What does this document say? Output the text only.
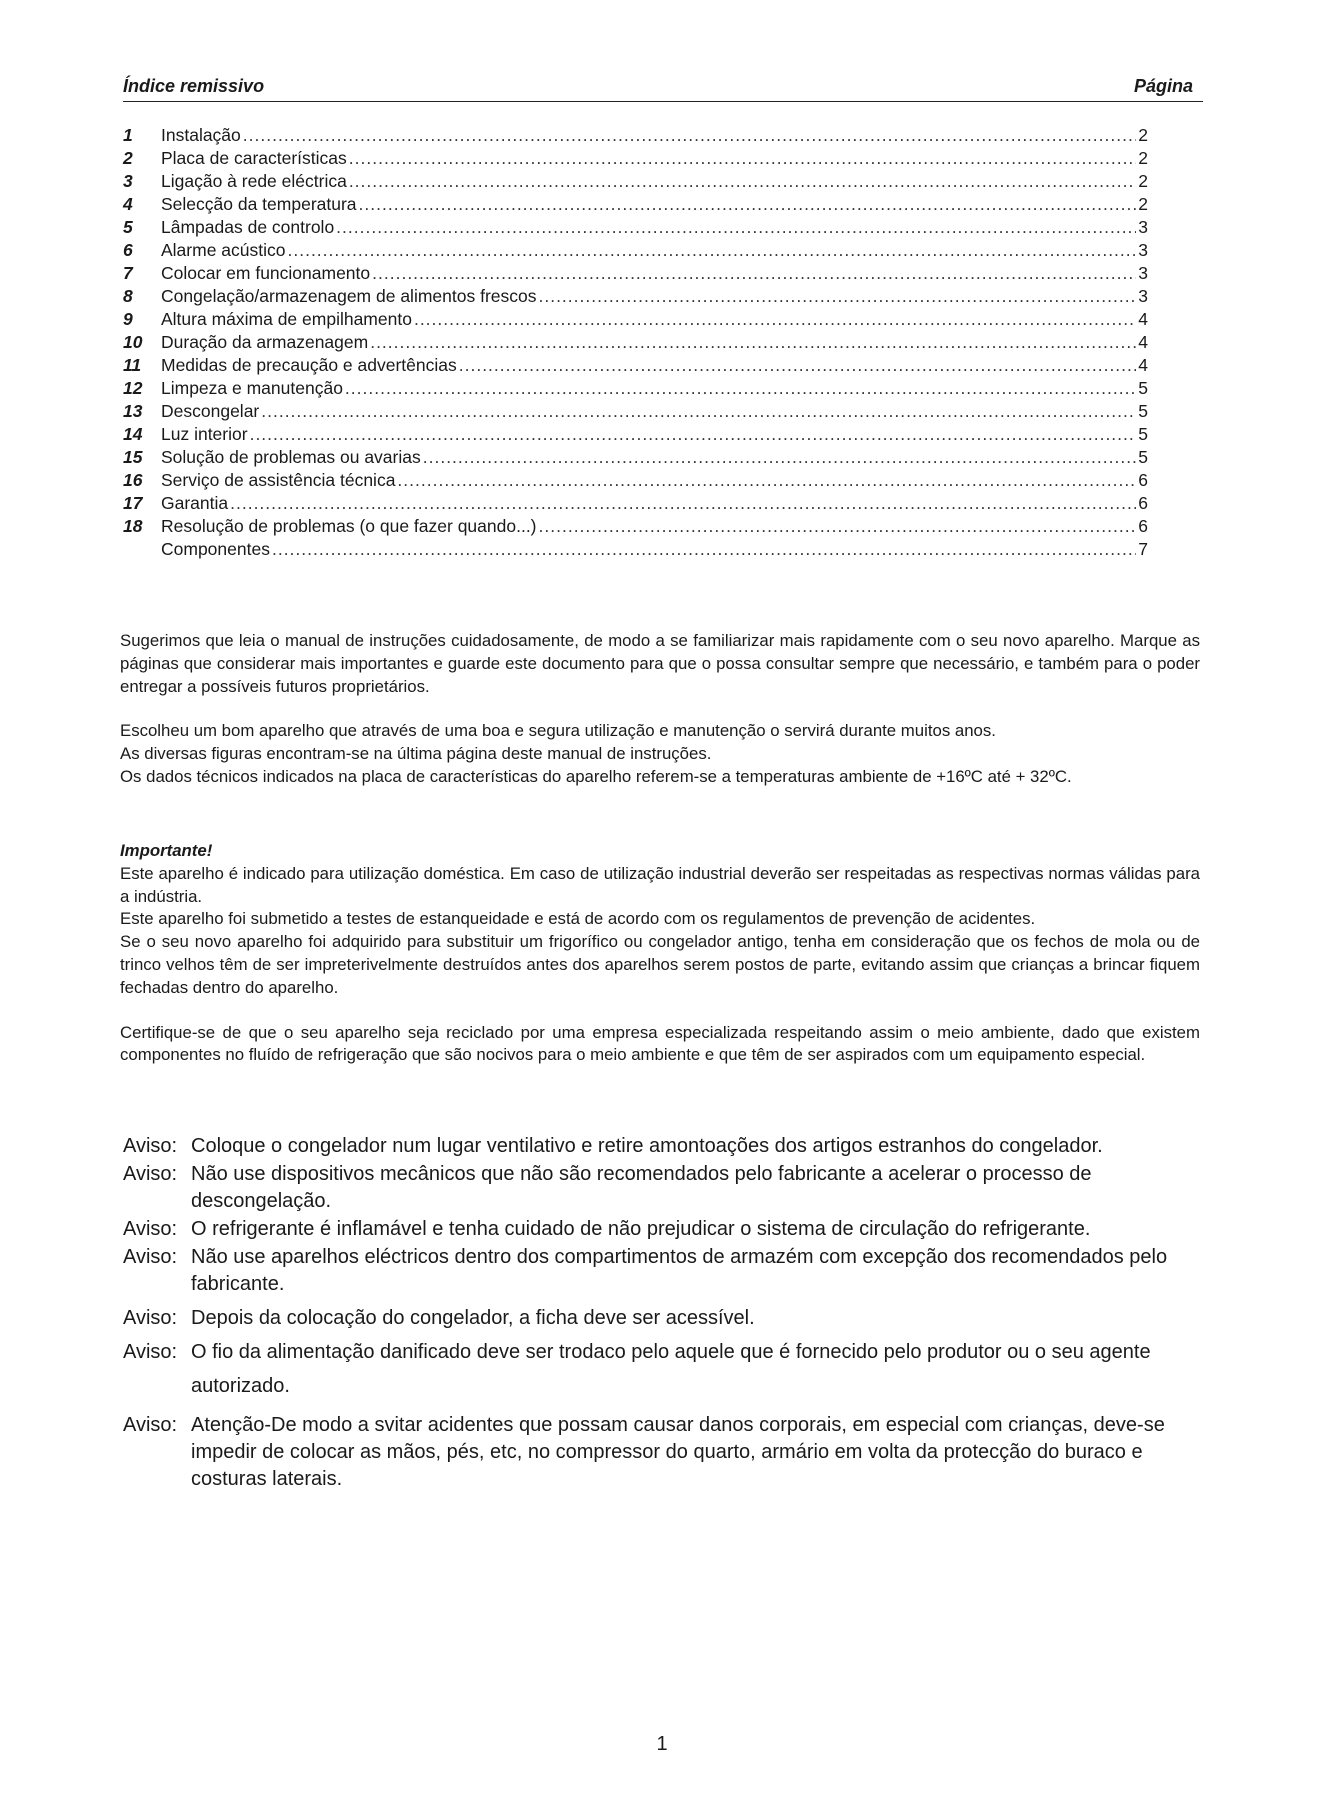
Índice remissivo	Página
1	Instalação .....	2
2	Placa de características .....	2
3	Ligação à rede eléctrica .....	2
4	Selecção da temperatura .....	2
5	Lâmpadas de controlo .....	3
6	Alarme acústico .....	3
7	Colocar em funcionamento .....	3
8	Congelação/armazenagem de alimentos frescos .....	3
9	Altura máxima de empilhamento .....	4
10	Duração da armazenagem .....	4
11	Medidas de precaução e advertências .....	4
12	Limpeza e manutenção .....	5
13	Descongelar .....	5
14	Luz interior .....	5
15	Solução de problemas ou avarias .....	5
16	Serviço de assistência técnica .....	6
17	Garantia .....	6
18	Resolução de problemas (o que fazer quando...) .....	6
Componentes .....	7

Sugerimos que leia o manual de instruções cuidadosamente, de modo a se familiarizar mais rapidamente com o seu novo aparelho. Marque as páginas que considerar mais importantes e guarde este documento para que o possa consultar sempre que necessário, e também para o poder entregar a possíveis futuros proprietários.

Escolheu um bom aparelho que através de uma boa e segura utilização e manutenção o servirá durante muitos anos.

As diversas figuras encontram-se na última página deste manual de instruções.

Os dados técnicos indicados na placa de características do aparelho referem-se a temperaturas ambiente de +16ºC até + 32ºC.

Importante!

Este aparelho é indicado para utilização doméstica. Em caso de utilização industrial deverão ser respeitadas as respectivas normas válidas para a indústria.

Este aparelho foi submetido a testes de estanqueidade e está de acordo com os regulamentos de prevenção de acidentes.

Se o seu novo aparelho foi adquirido para substituir um frigorífico ou congelador antigo, tenha em consideração que os fechos de mola ou de trinco velhos têm de ser impreterivelmente destruídos antes dos aparelhos serem postos de parte, evitando assim que crianças a brincar fiquem fechadas dentro do aparelho.

Certifique-se de que o seu aparelho seja reciclado por uma empresa especializada respeitando assim o meio ambiente, dado que existem componentes no fluído de refrigeração que são nocivos para o meio ambiente e que têm de ser aspirados com um equipamento especial.

Aviso: Coloque o congelador num lugar ventilativo e retire amontoações dos artigos estranhos do congelador.
Aviso: Não use dispositivos mecânicos que não são recomendados pelo fabricante a acelerar o processo de descongelação.
Aviso: O refrigerante é inflamável e tenha cuidado de não prejudicar o sistema de circulação do refrigerante.
Aviso: Não use aparelhos eléctricos dentro dos compartimentos de armazém com excepção dos recomendados pelo fabricante.
Aviso: Depois da colocação do congelador, a ficha deve ser acessível.
Aviso: O fio da alimentação danificado deve ser trodaco pelo aquele que é fornecido pelo produtor ou o seu agente autorizado.
Aviso: Atenção-De modo a svitar acidentes que possam causar danos corporais, em especial com crianças, deve-se impedir de colocar as mãos, pés, etc, no compressor do quarto, armário em volta da protecção do buraco e costuras laterais.
1
